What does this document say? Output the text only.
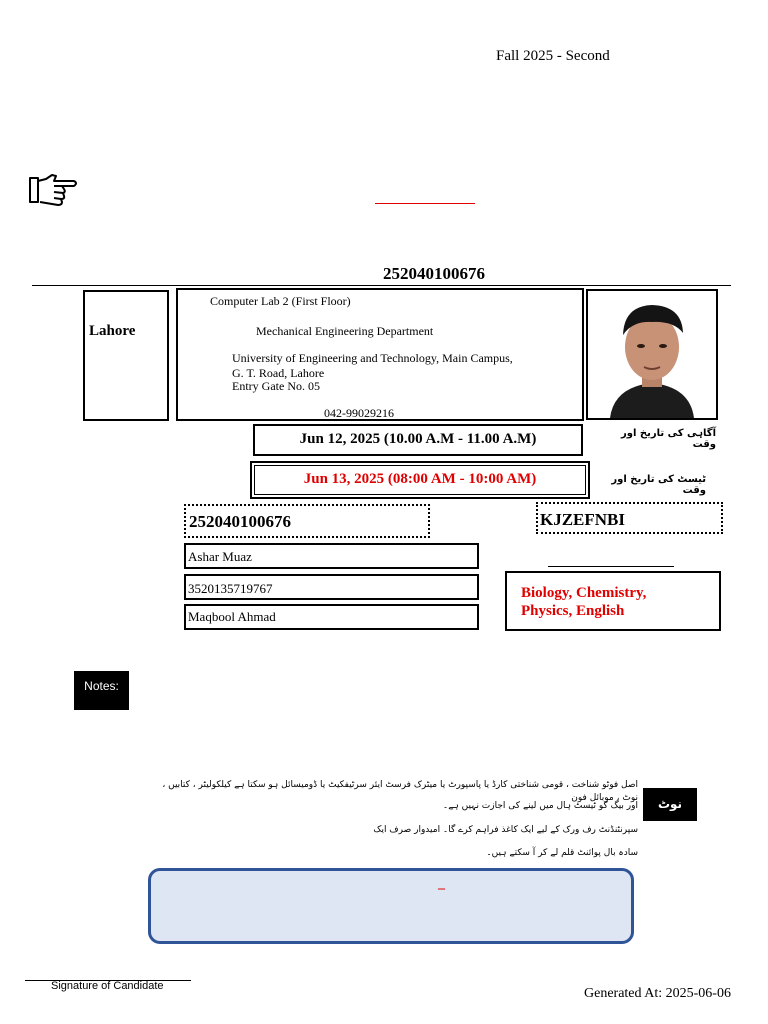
Fall 2025 - Second
252040100676
Lahore
Computer Lab 2 (First Floor)
Mechanical Engineering Department
University of Engineering and Technology, Main Campus,
G. T. Road, Lahore
Entry Gate No. 05
042-99029216
Jun 12, 2025 (10.00 A.M - 11.00 A.M)	آگاہی کی تاریخ اور وقت
Jun 13, 2025 (08:00 AM - 10:00 AM)	ٹیسٹ کی تاریخ اور وقت
252040100676	KJZEFNBI
Ashar Muaz
3520135719767
Maqbool Ahmad
Biology, Chemistry,
Physics, English
Notes:
اصل فوٹو شناخت ، قومی شناختی کارڈ یا پاسپورٹ یا میٹرک فرسٹ ایئر سرٹیفکیٹ یا ڈومیسائل ہو سکتا ہے کیلکولیٹر ، کتابیں ، نوٹ ، موبائل فون
اور بیگ کو ٹیسٹ ہال میں لینے کی اجازت نہیں ہے۔
سپرنٹنڈنٹ رف ورک کے لیے ایک کاغذ فراہم کرے گا۔ امیدوار صرف ایک
سادہ بال پوائنٹ قلم لے کر آ سکتے ہیں۔
نوٹ
–
Signature of Candidate	Generated At: 2025-06-06
